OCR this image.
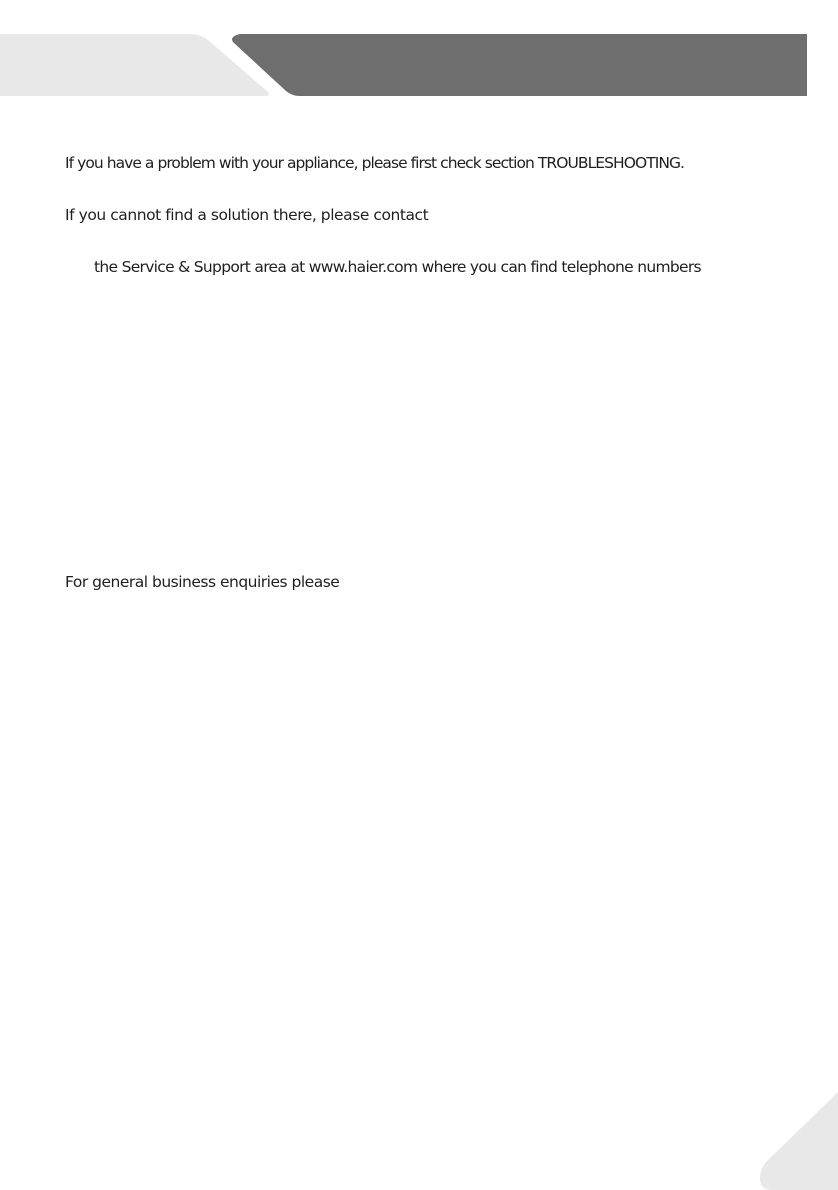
If you have a problem with your appliance, please first check section TROUBLESHOOTING.

If you cannot find a solution there, please contact

the Service & Support area at www.haier.com where you can find telephone numbers

For general business enquiries please
